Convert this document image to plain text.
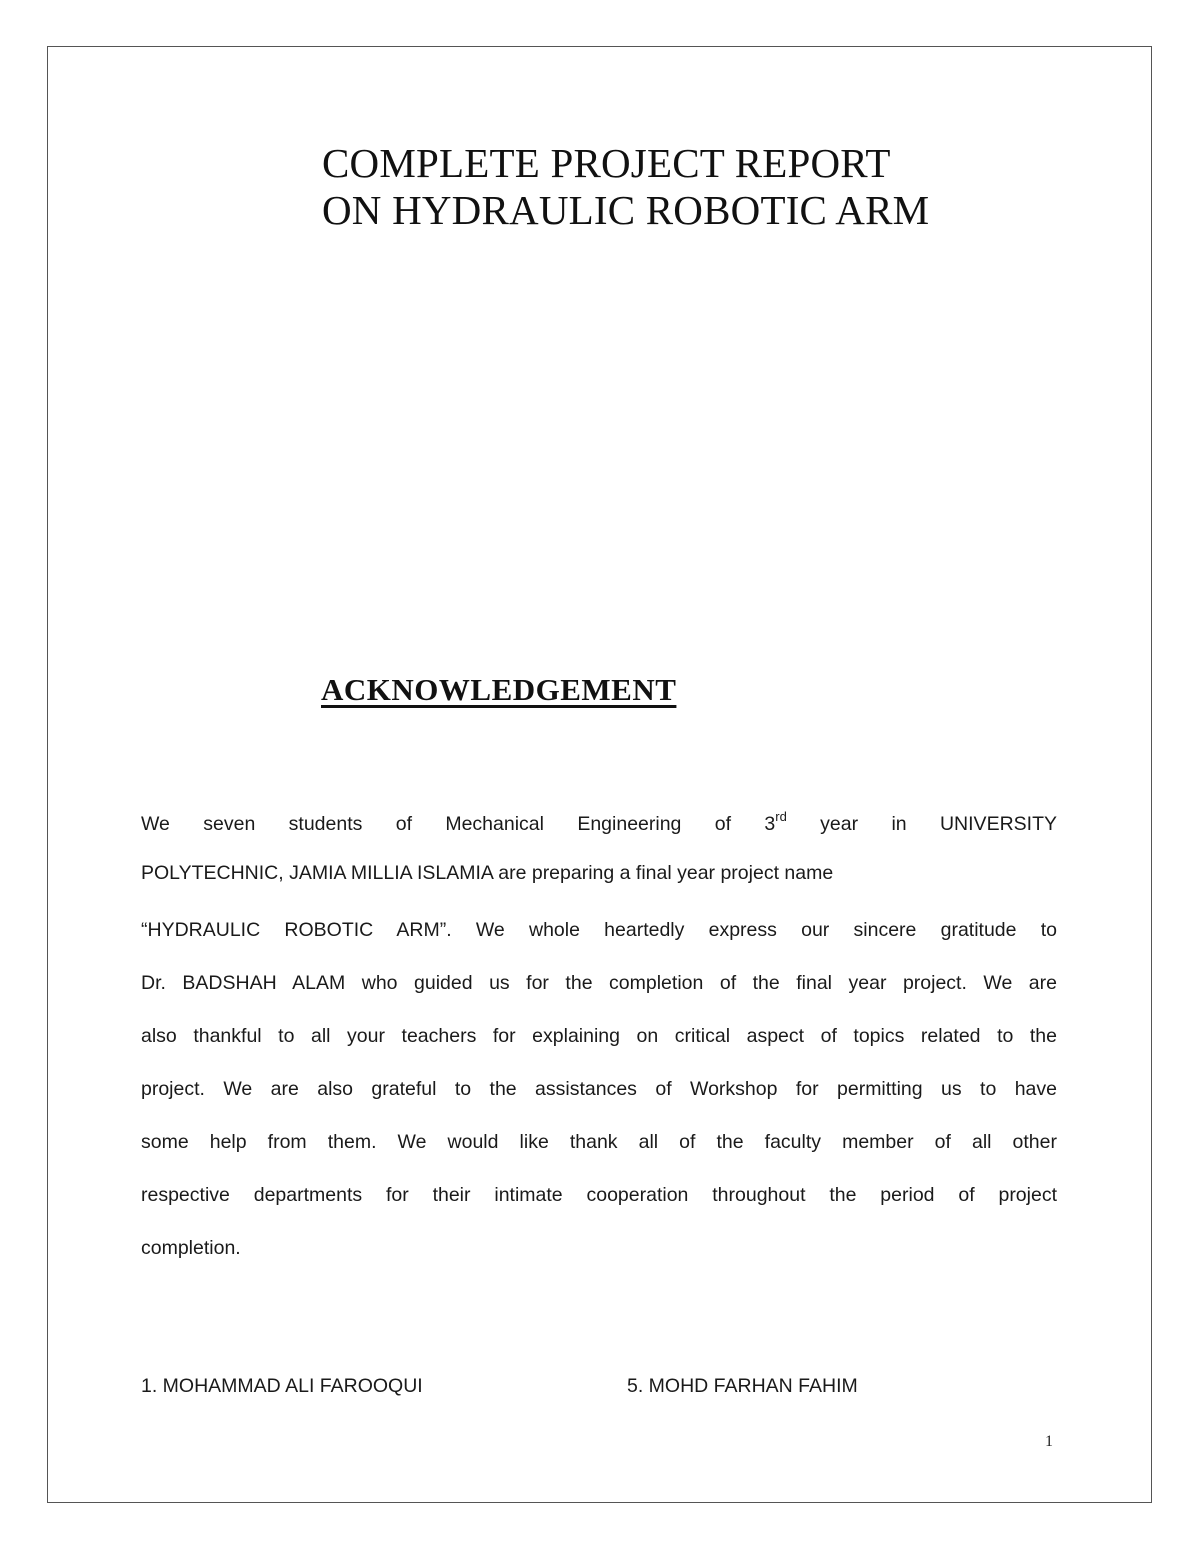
COMPLETE PROJECT REPORT
ON HYDRAULIC ROBOTIC ARM
ACKNOWLEDGEMENT
We seven students of Mechanical Engineering of 3rd year in UNIVERSITY
POLYTECHNIC, JAMIA MILLIA ISLAMIA are preparing a final year project name
“HYDRAULIC ROBOTIC ARM”. We whole heartedly express our sincere gratitude to
Dr. BADSHAH ALAM who guided us for the completion of the final year project. We are
also thankful to all your teachers for explaining on critical aspect of topics related to the
project. We are also grateful to the assistances of Workshop for permitting us to have
some help from them. We would like thank all of the faculty member of all other
respective departments for their intimate cooperation throughout the period of project
completion.
1. MOHAMMAD ALI FAROOQUI	5. MOHD FARHAN FAHIM
1
